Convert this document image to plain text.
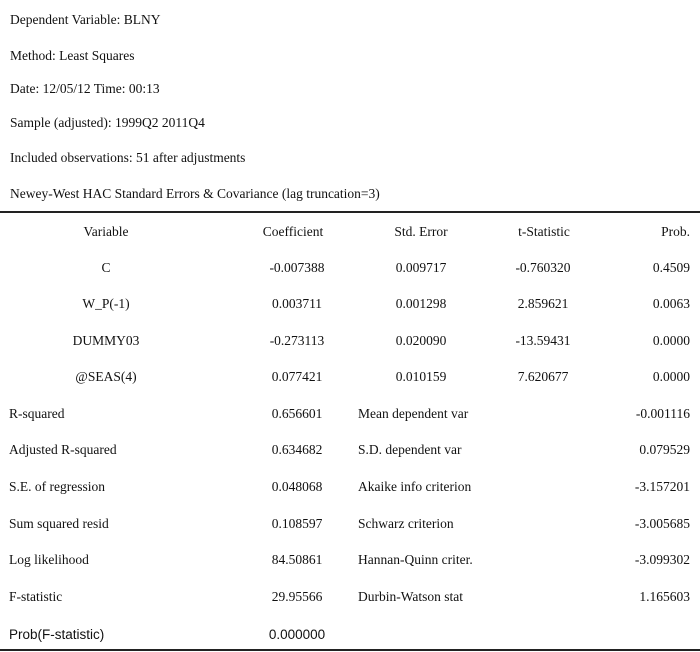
Dependent Variable: BLNY
Method: Least Squares
Date: 12/05/12 Time: 00:13
Sample (adjusted): 1999Q2 2011Q4
Included observations: 51 after adjustments
Newey-West HAC Standard Errors & Covariance (lag truncation=3)
Variable	Coefficient	Std. Error	t-Statistic	Prob.
C	-0.007388	0.009717	-0.760320	0.4509
W_P(-1)	0.003711	0.001298	2.859621	0.0063
DUMMY03	-0.273113	0.020090	-13.59431	0.0000
@SEAS(4)	0.077421	0.010159	7.620677	0.0000
R-squared	0.656601	Mean dependent var	-0.001116
Adjusted R-squared	0.634682	S.D. dependent var	0.079529
S.E. of regression	0.048068	Akaike info criterion	-3.157201
Sum squared resid	0.108597	Schwarz criterion	-3.005685
Log likelihood	84.50861	Hannan-Quinn criter.	-3.099302
F-statistic	29.95566	Durbin-Watson stat	1.165603
Prob(F-statistic)	0.000000
